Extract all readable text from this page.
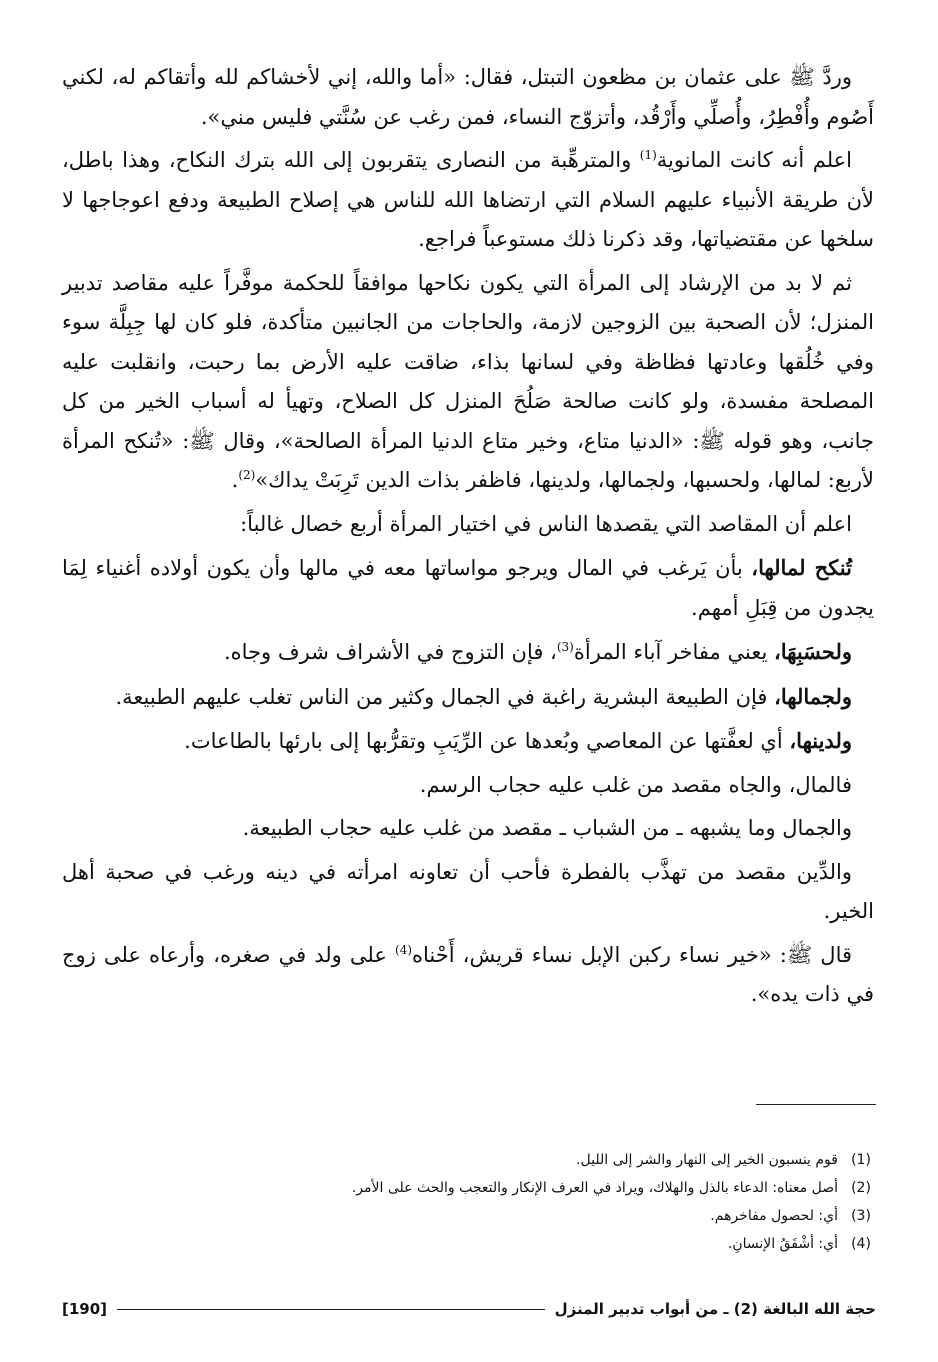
وردَّ ﷺ على عثمان بن مظعون التبتل، فقال: «أما والله، إني لأخشاكم لله وأتقاكم له، لكني أَصُوم وأُفْطِرُ، وأُصلِّي وأَرْقُد، وأتزوّج النساء، فمن رغب عن سُنَّتي فليس مني».

اعلم أنه كانت المانوية$^{(1)}$ والمترهِّبة من النصارى يتقربون إلى الله بترك النكاح، وهذا باطل، لأن طريقة الأنبياء عليهم السلام التي ارتضاها الله للناس هي إصلاح الطبيعة ودفع اعوجاجها لا سلخها عن مقتضياتها، وقد ذكرنا ذلك مستوعباً فراجع.

ثم لا بد من الإرشاد إلى المرأة التي يكون نكاحها موافقاً للحكمة موفَّراً عليه مقاصد تدبير المنزل؛ لأن الصحبة بين الزوجين لازمة، والحاجات من الجانبين متأكدة، فلو كان لها جِبِلَّة سوء وفي خُلُقها وعادتها فظاظة وفي لسانها بذاء، ضاقت عليه الأرض بما رحبت، وانقلبت عليه المصلحة مفسدة، ولو كانت صالحة صَلُحَ المنزل كل الصلاح، وتهيأ له أسباب الخير من كل جانب، وهو قوله ﷺ: «الدنيا متاع، وخير متاع الدنيا المرأة الصالحة»، وقال ﷺ: «تُنكح المرأة لأربع: لمالها، ولحسبها، ولجمالها، ولدينها، فاظفر بذات الدين تَرِبَتْ يداك»$^{(2)}$.

اعلم أن المقاصد التي يقصدها الناس في اختيار المرأة أربع خصال غالباً:

تُنكح لمالها، بأن يَرغب في المال ويرجو مواساتها معه في مالها وأن يكون أولاده أغنياء لِمَا يجدون من قِبَلِ أمهم.

ولحسَبِهَا، يعني مفاخر آباء المرأة$^{(3)}$، فإن التزوج في الأشراف شرف وجاه.

ولجمالها، فإن الطبيعة البشرية راغبة في الجمال وكثير من الناس تغلب عليهم الطبيعة.

ولدينها، أي لعفَّتها عن المعاصي وبُعدها عن الرِّيَبِ وتقرُّبها إلى بارئها بالطاعات.

فالمال، والجاه مقصد من غلب عليه حجاب الرسم.

والجمال وما يشبهه ـ من الشباب ـ مقصد من غلب عليه حجاب الطبيعة.

والدِّين مقصد من تهذَّب بالفطرة فأحب أن تعاونه امرأته في دينه ورغب في صحبة أهل الخير.

قال ﷺ: «خير نساء ركبن الإبل نساء قريش، أَحْناه$^{(4)}$ على ولد في صغره، وأرعاه على زوج في ذات يده».

(1)
قوم ينسبون الخير إلى النهار والشر إلى الليل.
(2)
أصل معناه: الدعاء بالذل والهلاك، ويراد في العرف الإنكار والتعجب والحث على الأمر.
(3)
أي: لحصول مفاخرهم.
(4)
أي: أشْفَقُ الإنسانِ.
حجة الله البالغة (2) ـ من أبواب تدبير المنزل
[190]
